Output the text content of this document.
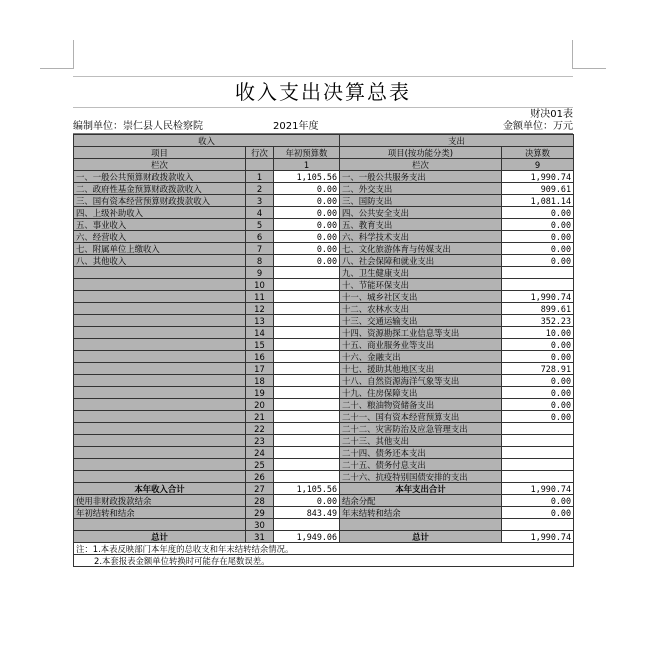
收入支出决算总表
财决01表
编制单位：崇仁县人民检察院	2021年度	金额单位：万元
收入			支出	
项目	行次	年初预算数	项目(按功能分类)	决算数
栏次		1	栏次	9
一、一般公共预算财政拨款收入	1	1,105.56	一、一般公共服务支出	1,990.74
二、政府性基金预算财政拨款收入	2	0.00	二、外交支出	909.61
三、国有资本经营预算财政拨款收入	3	0.00	三、国防支出	1,081.14
四、上级补助收入	4	0.00	四、公共安全支出	0.00
五、事业收入	5	0.00	五、教育支出	0.00
六、经营收入	6	0.00	六、科学技术支出	0.00
七、附属单位上缴收入	7	0.00	七、文化旅游体育与传媒支出	0.00
八、其他收入	8	0.00	八、社会保障和就业支出	0.00
	9		九、卫生健康支出	
	10		十、节能环保支出	
	11		十一、城乡社区支出	1,990.74
	12		十二、农林水支出	899.61
	13		十三、交通运输支出	352.23
	14		十四、资源勘探工业信息等支出	10.00
	15		十五、商业服务业等支出	0.00
	16		十六、金融支出	0.00
	17		十七、援助其他地区支出	728.91
	18		十八、自然资源海洋气象等支出	0.00
	19		十九、住房保障支出	0.00
	20		二十、粮油物资储备支出	0.00
	21		二十一、国有资本经营预算支出	0.00
	22		二十二、灾害防治及应急管理支出	
	23		二十三、其他支出	
	24		二十四、债务还本支出	
	25		二十五、债务付息支出	
	26		二十六、抗疫特别国债安排的支出	
本年收入合计	27	1,105.56	本年支出合计	1,990.74
使用非财政拨款结余	28	0.00	结余分配	0.00
年初结转和结余	29	843.49	年末结转和结余	0.00
	30			
总计	31	1,949.06	总计	1,990.74
注：1.本表反映部门本年度的总收支和年末结转结余情况。				
2.本套报表金额单位转换时可能存在尾数误差。				
